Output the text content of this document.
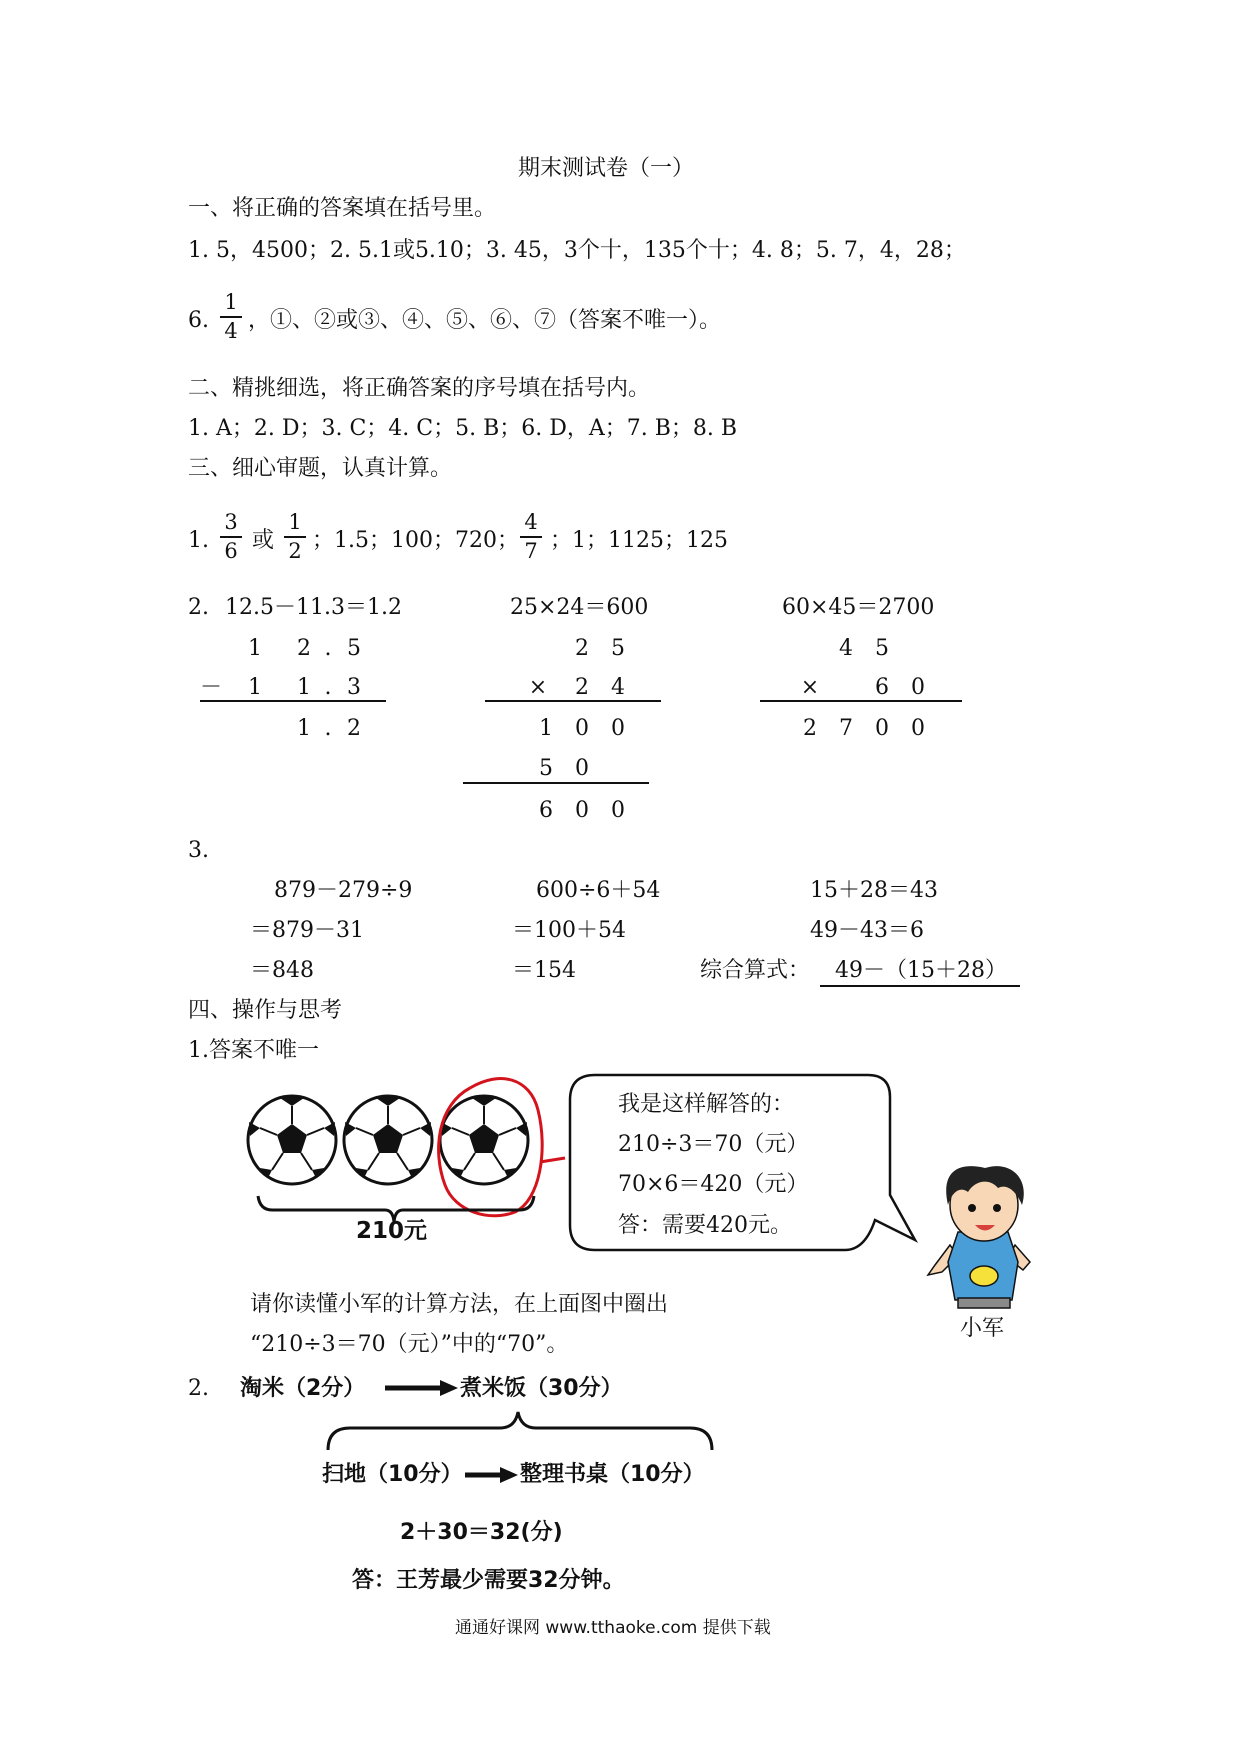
期末测试卷（一）
一、将正确的答案填在括号里。
1. 5，4500；2. 5.1或5.10；3. 45，3个十，135个十；4. 8；5. 7，4，28；
6.
1
4 ，①、②或③、④、⑤、⑥、⑦（答案不唯一）。
二、精挑细选，将正确答案的序号填在括号内。
1. A；2. D；3. C；4. C；5. B；6. D，A；7. B；8. B
三、细心审题，认真计算。
1.
3
6 或
1
2 ；1.5；100；720；
4
7 ；1；1125；125
2. 12.5－11.3＝1.2	25×24＝600	60×45＝2700
1 2 . 5
－ 1 1 . 3
1 . 2
2 5
× 2 4
1 0 0
5 0
6 0 0
4 5
×	6 0
2 7 0 0
3.
879－279÷9
＝879－31
＝848
600÷6＋54
＝100＋54
＝154
15＋28＝43
49－43＝6
综合算式： 49－（15＋28）
四、操作与思考
1.答案不唯一
210元
我是这样解答的：
210÷3＝70（元）
70×6＝420（元）
答：需要420元。
请你读懂小军的计算方法，在上面图中圈出
“210÷3＝70（元）”中的“70”。
小军
2. 淘米（2分）	煮米饭（30分）
扫地（10分）	整理书桌（10分）
2＋30＝32(分)
答：王芳最少需要32分钟。
通通好课网 www.tthaoke.com 提供下载
